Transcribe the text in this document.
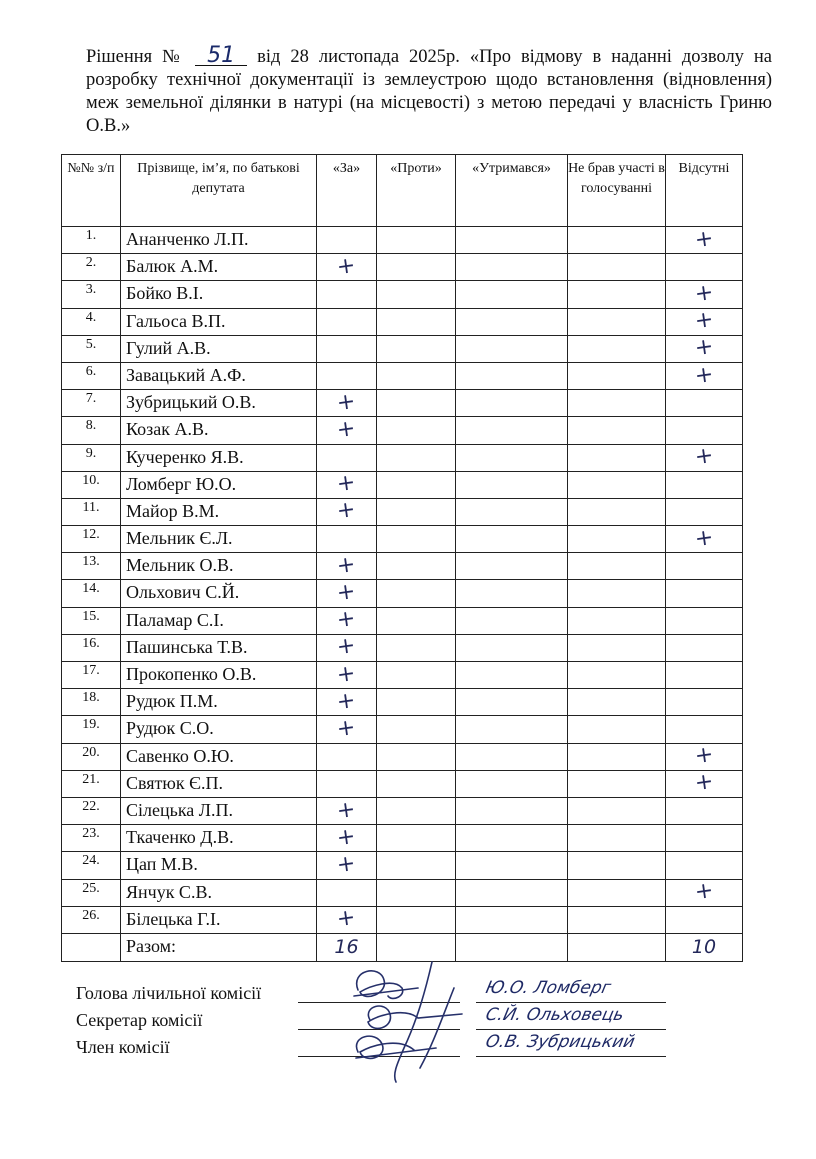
Рішення № 51 від 28 листопада 2025р. «Про відмову в наданні дозволу на розробку технічної документації із землеустрою щодо встановлення (відновлення) меж земельної ділянки в натурі (на місцевості) з метою передачі у власність Гриню О.В.»
№№ з/п	Прізвище, ім’я, по батькові депутата	«За»	«Проти»	«Утримався»	Не брав участі в голосуванні	Відсутні
1.	Ананченко Л.П.					+
2.	Балюк А.М.	+				
3.	Бойко В.І.					+
4.	Гальоса В.П.					+
5.	Гулий А.В.					+
6.	Завацький А.Ф.					+
7.	Зубрицький О.В.	+				
8.	Козак А.В.	+				
9.	Кучеренко Я.В.					+
10.	Ломберг Ю.О.	+				
11.	Майор В.М.	+				
12.	Мельник Є.Л.					+
13.	Мельник О.В.	+				
14.	Ольхович С.Й.	+				
15.	Паламар С.І.	+				
16.	Пашинська Т.В.	+				
17.	Прокопенко О.В.	+				
18.	Рудюк П.М.	+				
19.	Рудюк С.О.	+				
20.	Савенко О.Ю.					+
21.	Святюк Є.П.					+
22.	Сілецька Л.П.	+				
23.	Ткаченко Д.В.	+				
24.	Цап М.В.	+				
25.	Янчук С.В.					+
26.	Білецька Г.І.	+				
	Разом:	16				10
Голова лічильної комісії	Ю.О. Ломберг
Секретар комісії	С.Й. Ольховець
Член комісії	О.В. Зубрицький
